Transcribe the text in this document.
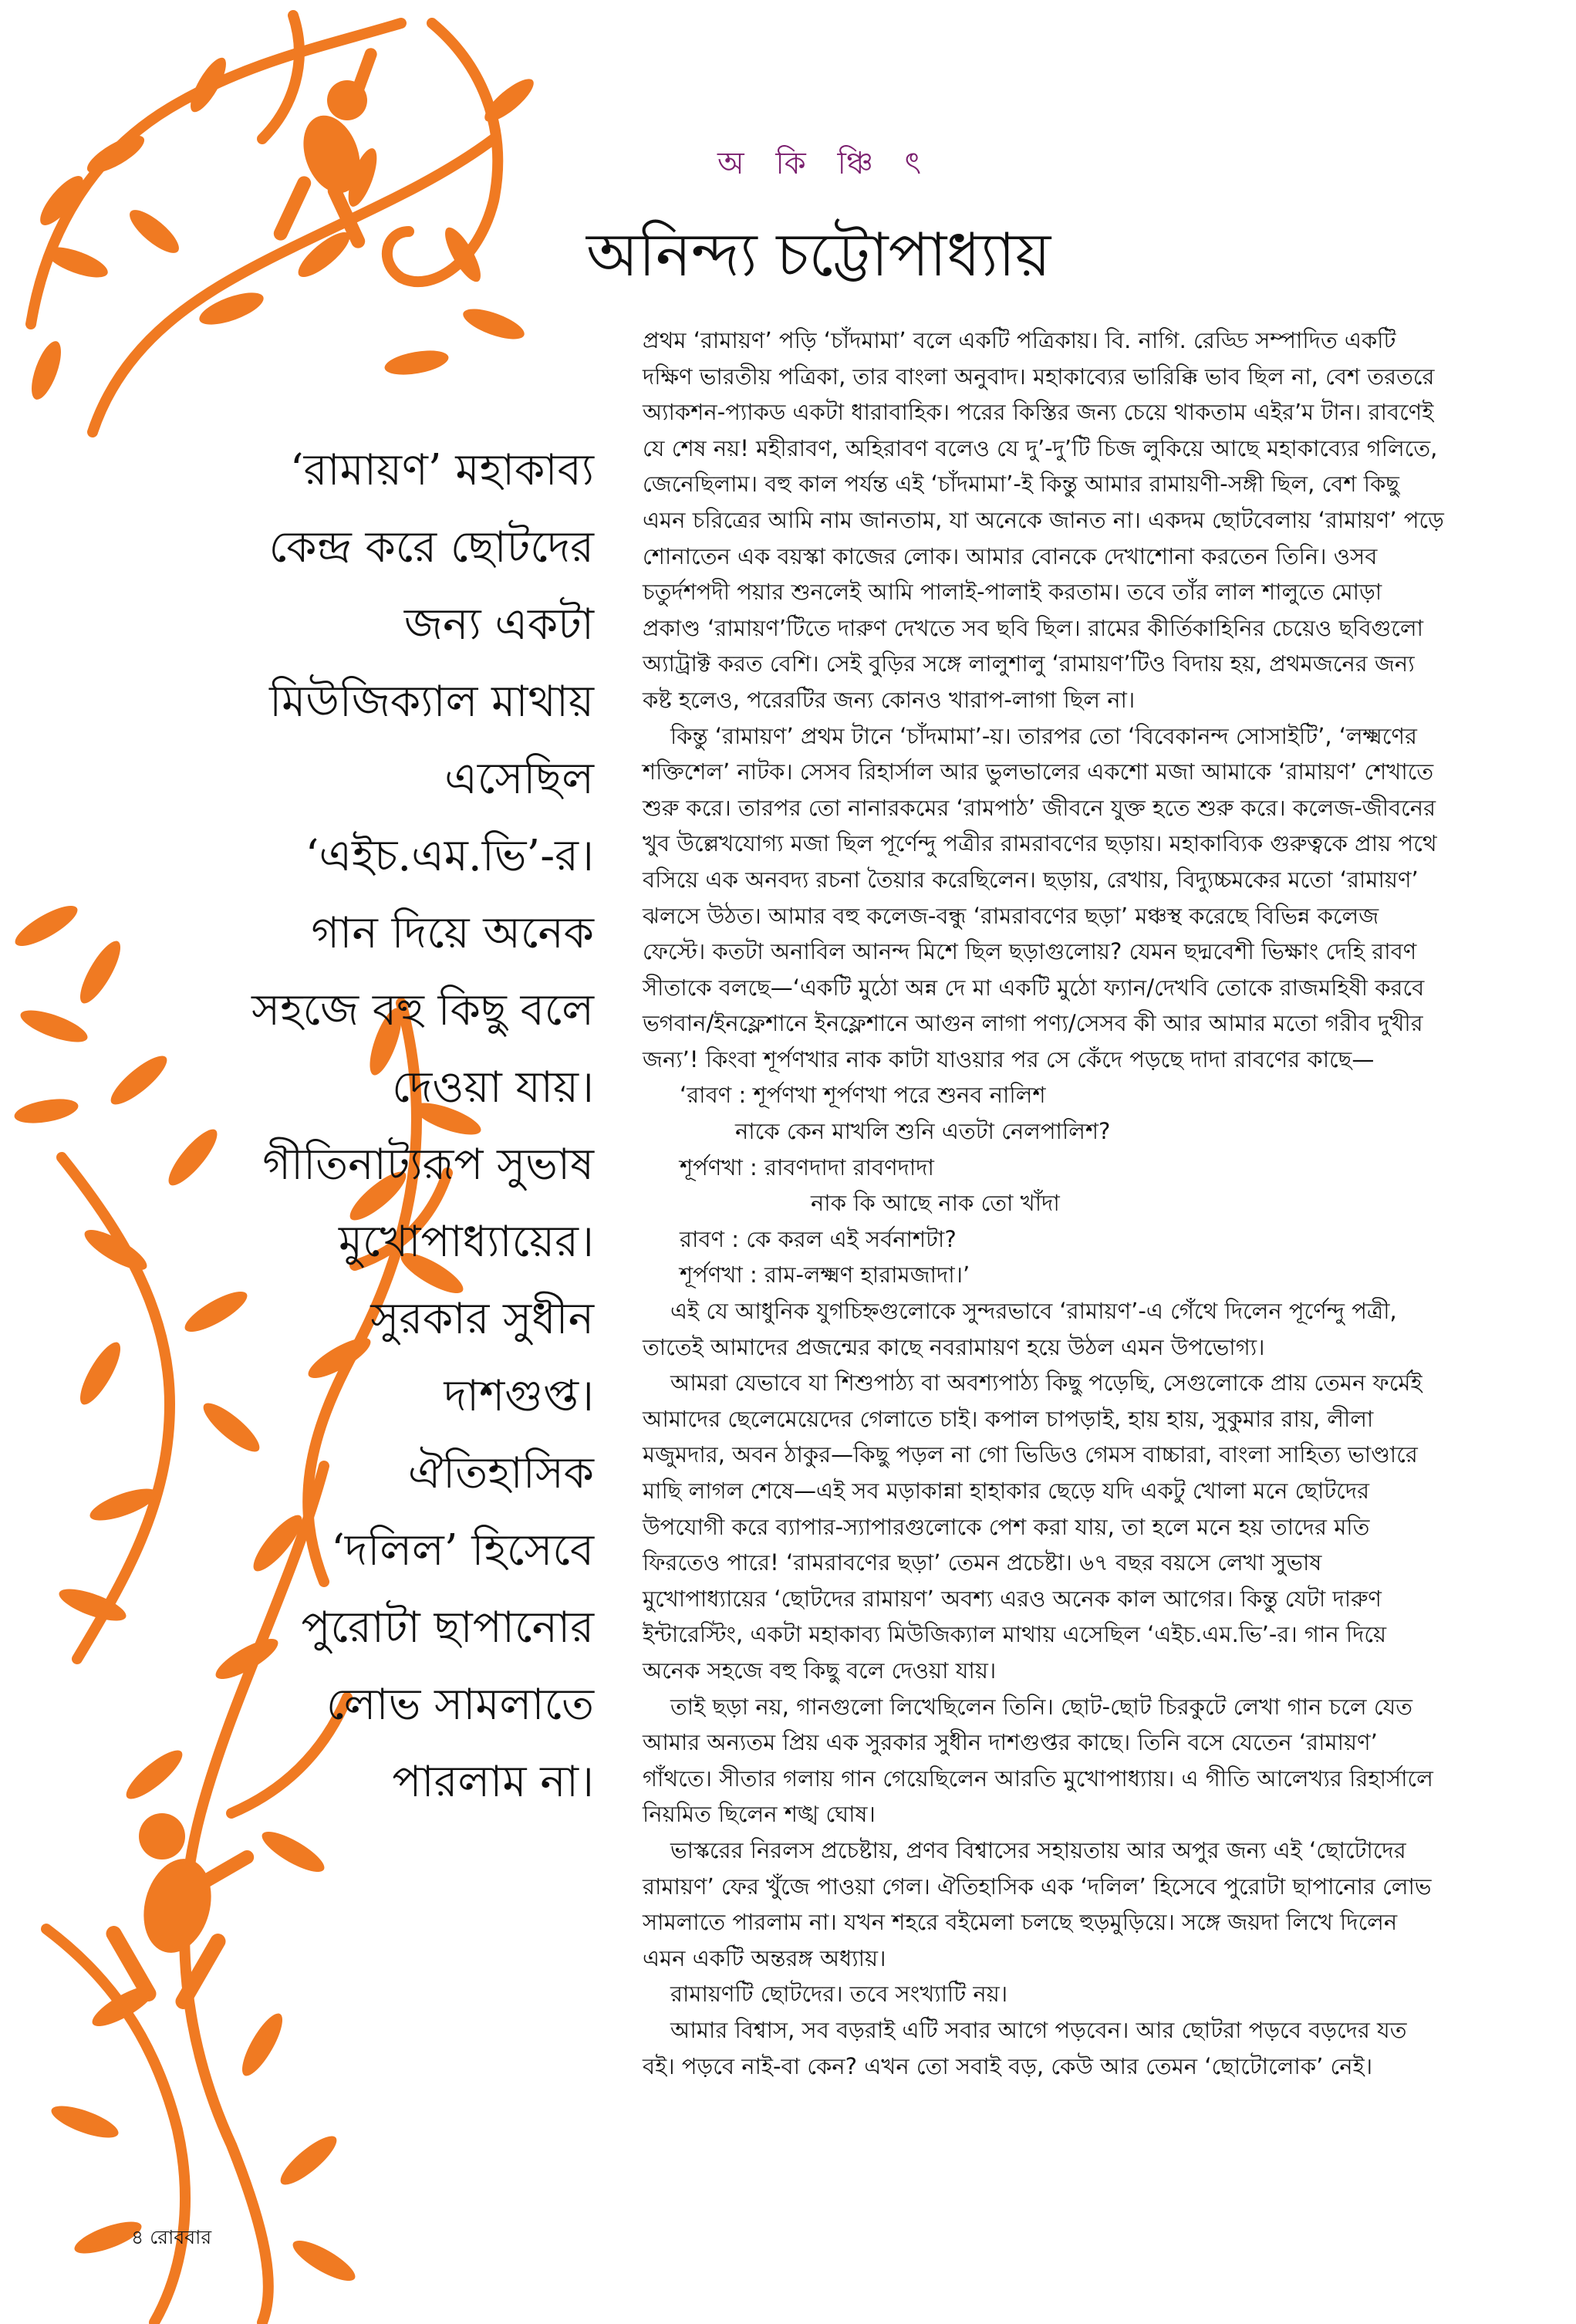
অ কি ঞ্চি ৎ
অনিন্দ্য চট্টোপাধ্যায়
‘রামায়ণ’ মহাকাব্য
কেন্দ্র করে ছোটদের
জন্য একটা
মিউজিক্যাল মাথায়
এসেছিল
‘এইচ.এম.ভি’-র।
গান দিয়ে অনেক
সহজে বহু কিছু বলে
দেওয়া যায়।
গীতিনাট্যরূপ সুভাষ
মুখোপাধ্যায়ের।
সুরকার সুধীন
দাশগুপ্ত।
ঐতিহাসিক
‘দলিল’ হিসেবে
পুরোটা ছাপানোর
লোভ সামলাতে
পারলাম না।

প্রথম ‘রামায়ণ’ পড়ি ‘চাঁদমামা’ বলে একটি পত্রিকায়। বি. নাগি. রেড্ডি সম্পাদিত একটি দক্ষিণ ভারতীয় পত্রিকা, তার বাংলা অনুবাদ। মহাকাব্যের ভারিক্কি ভাব ছিল না, বেশ তরতরে অ্যাকশন-প্যাকড একটা ধারাবাহিক। পরের কিস্তির জন্য চেয়ে থাকতাম এইর’ম টান। রাবণেই যে শেষ নয়! মহীরাবণ, অহিরাবণ বলেও যে দু’-দু’টি চিজ লুকিয়ে আছে মহাকাব্যের গলিতে, জেনেছিলাম। বহু কাল পর্যন্ত এই ‘চাঁদমামা’-ই কিন্তু আমার রামায়ণী-সঙ্গী ছিল, বেশ কিছু এমন চরিত্রের আমি নাম জানতাম, যা অনেকে জানত না। একদম ছোটবেলায় ‘রামায়ণ’ পড়ে শোনাতেন এক বয়স্কা কাজের লোক। আমার বোনকে দেখাশোনা করতেন তিনি। ওসব চতুর্দশপদী পয়ার শুনলেই আমি পালাই-পালাই করতাম। তবে তাঁর লাল শালুতে মোড়া প্রকাণ্ড ‘রামায়ণ’টিতে দারুণ দেখতে সব ছবি ছিল। রামের কীর্তিকাহিনির চেয়েও ছবিগুলো অ্যাট্রাক্ট করত বেশি। সেই বুড়ির সঙ্গে লালুশালু ‘রামায়ণ’টিও বিদায় হয়, প্রথমজনের জন্য কষ্ট হলেও, পরেরটির জন্য কোনও খারাপ-লাগা ছিল না।

কিন্তু ‘রামায়ণ’ প্রথম টানে ‘চাঁদমামা’-য়। তারপর তো ‘বিবেকানন্দ সোসাইটি’, ‘লক্ষ্মণের শক্তিশেল’ নাটক। সেসব রিহার্সাল আর ভুলভালের একশো মজা আমাকে ‘রামায়ণ’ শেখাতে শুরু করে। তারপর তো নানারকমের ‘রামপাঠ’ জীবনে যুক্ত হতে শুরু করে। কলেজ-জীবনের খুব উল্লেখযোগ্য মজা ছিল পূর্ণেন্দু পত্রীর রামরাবণের ছড়ায়। মহাকাব্যিক গুরুত্বকে প্রায় পথে বসিয়ে এক অনবদ্য রচনা তৈয়ার করেছিলেন। ছড়ায়, রেখায়, বিদ্যুচ্চমকের মতো ‘রামায়ণ’ ঝলসে উঠত। আমার বহু কলেজ-বন্ধু ‘রামরাবণের ছড়া’ মঞ্চস্থ করেছে বিভিন্ন কলেজ ফেস্টে। কতটা অনাবিল আনন্দ মিশে ছিল ছড়াগুলোয়? যেমন ছদ্মবেশী ভিক্ষাং দেহি রাবণ সীতাকে বলছে—‘একটি মুঠো অন্ন দে মা একটি মুঠো ফ্যান/দেখবি তোকে রাজমহিষী করবে ভগবান/ইনফ্লেশানে ইনফ্লেশানে আগুন লাগা পণ্য/সেসব কী আর আমার মতো গরীব দুখীর জন্য’! কিংবা শূর্পণখার নাক কাটা যাওয়ার পর সে কেঁদে পড়ছে দাদা রাবণের কাছে—

‘রাবণ : শূর্পণখা শূর্পণখা পরে শুনব নালিশ
নাকে কেন মাখলি শুনি এতটা নেলপালিশ?
শূর্পণখা : রাবণদাদা রাবণদাদা
নাক কি আছে নাক তো খাঁদা
রাবণ : কে করল এই সর্বনাশটা?
শূর্পণখা : রাম-লক্ষ্মণ হারামজাদা।’

এই যে আধুনিক যুগচিহ্নগুলোকে সুন্দরভাবে ‘রামায়ণ’-এ গেঁথে দিলেন পূর্ণেন্দু পত্রী, তাতেই আমাদের প্রজন্মের কাছে নবরামায়ণ হয়ে উঠল এমন উপভোগ্য।

আমরা যেভাবে যা শিশুপাঠ্য বা অবশ্যপাঠ্য কিছু পড়েছি, সেগুলোকে প্রায় তেমন ফর্মেই আমাদের ছেলেমেয়েদের গেলাতে চাই। কপাল চাপড়াই, হায় হায়, সুকুমার রায়, লীলা মজুমদার, অবন ঠাকুর—কিছু পড়ল না গো ভিডিও গেমস বাচ্চারা, বাংলা সাহিত্য ভাণ্ডারে মাছি লাগল শেষে—এই সব মড়াকান্না হাহাকার ছেড়ে যদি একটু খোলা মনে ছোটদের উপযোগী করে ব্যাপার-স্যাপারগুলোকে পেশ করা যায়, তা হলে মনে হয় তাদের মতি ফিরতেও পারে! ‘রামরাবণের ছড়া’ তেমন প্রচেষ্টা। ৬৭ বছর বয়সে লেখা সুভাষ মুখোপাধ্যায়ের ‘ছোটদের রামায়ণ’ অবশ্য এরও অনেক কাল আগের। কিন্তু যেটা দারুণ ইন্টারেস্টিং, একটা মহাকাব্য মিউজিক্যাল মাথায় এসেছিল ‘এইচ.এম.ভি’-র। গান দিয়ে অনেক সহজে বহু কিছু বলে দেওয়া যায়।

তাই ছড়া নয়, গানগুলো লিখেছিলেন তিনি। ছোট-ছোট চিরকুটে লেখা গান চলে যেত আমার অন্যতম প্রিয় এক সুরকার সুধীন দাশগুপ্তর কাছে। তিনি বসে যেতেন ‘রামায়ণ’ গাঁথতে। সীতার গলায় গান গেয়েছিলেন আরতি মুখোপাধ্যায়। এ গীতি আলেখ্যর রিহার্সালে নিয়মিত ছিলেন শঙ্খ ঘোষ।

ভাস্করের নিরলস প্রচেষ্টায়, প্রণব বিশ্বাসের সহায়তায় আর অপুর জন্য এই ‘ছোটোদের রামায়ণ’ ফের খুঁজে পাওয়া গেল। ঐতিহাসিক এক ‘দলিল’ হিসেবে পুরোটা ছাপানোর লোভ সামলাতে পারলাম না। যখন শহরে বইমেলা চলছে হুড়মুড়িয়ে। সঙ্গে জয়দা লিখে দিলেন এমন একটি অন্তরঙ্গ অধ্যায়।

রামায়ণটি ছোটদের। তবে সংখ্যাটি নয়।

আমার বিশ্বাস, সব বড়রাই এটি সবার আগে পড়বেন। আর ছোটরা পড়বে বড়দের যত বই। পড়বে নাই-বা কেন? এখন তো সবাই বড়, কেউ আর তেমন ‘ছোটোলোক’ নেই।

৪ রোববার
